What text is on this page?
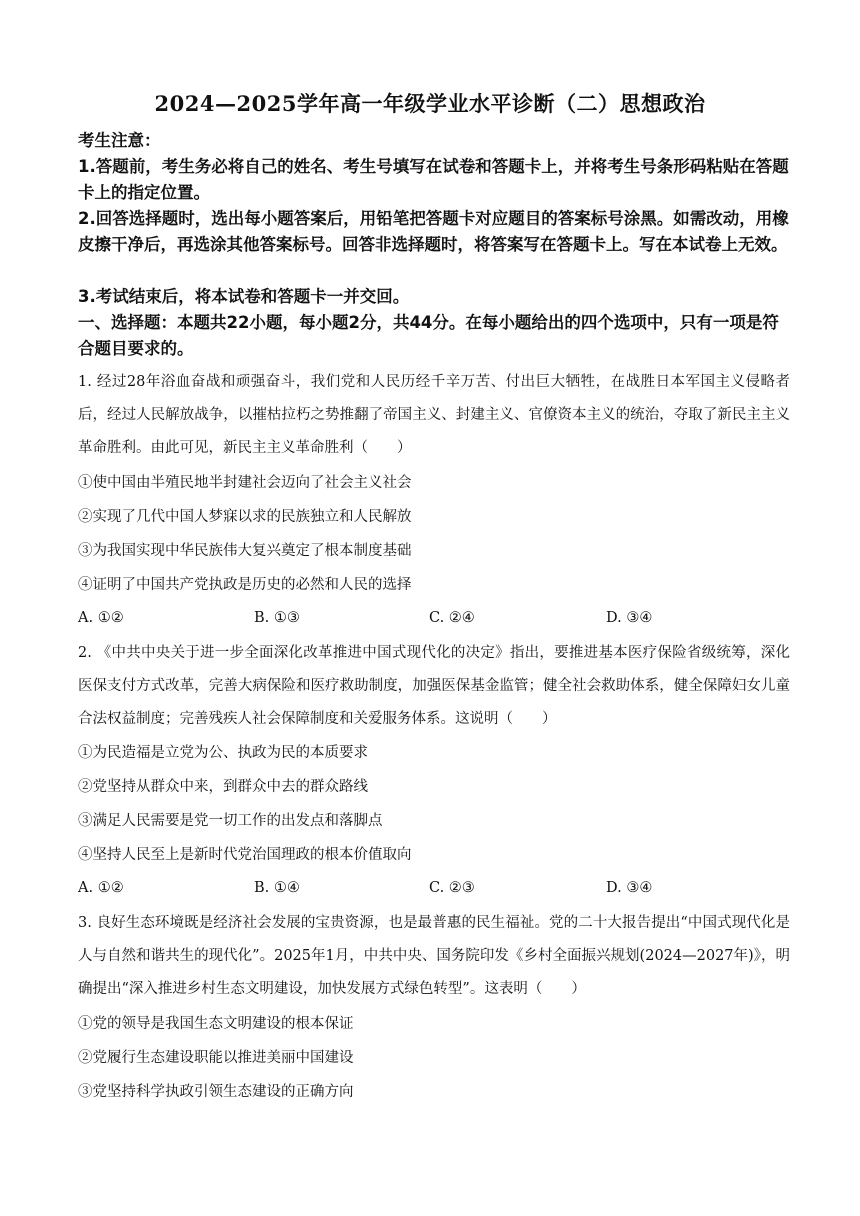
2024—2025学年高一年级学业水平诊断（二）思想政治

考生注意：

1.答题前，考生务必将自己的姓名、考生号填写在试卷和答题卡上，并将考生号条形码粘贴在答题卡上的指定位置。

2.回答选择题时，选出每小题答案后，用铅笔把答题卡对应题目的答案标号涂黑。如需改动，用橡皮擦干净后，再选涂其他答案标号。回答非选择题时，将答案写在答题卡上。写在本试卷上无效。

3.考试结束后，将本试卷和答题卡一并交回。

一、选择题：本题共22小题，每小题2分，共44分。在每小题给出的四个选项中，只有一项是符合题目要求的。

1. 经过28年浴血奋战和顽强奋斗，我们党和人民历经千辛万苦、付出巨大牺牲，在战胜日本军国主义侵略者后，经过人民解放战争，以摧枯拉朽之势推翻了帝国主义、封建主义、官僚资本主义的统治，夺取了新民主主义革命胜利。由此可见，新民主主义革命胜利（　　）

①使中国由半殖民地半封建社会迈向了社会主义社会

②实现了几代中国人梦寐以求的民族独立和人民解放

③为我国实现中华民族伟大复兴奠定了根本制度基础

④证明了中国共产党执政是历史的必然和人民的选择

A. ①②	B. ①③	C. ②④	D. ③④

2. 《中共中央关于进一步全面深化改革推进中国式现代化的决定》指出，要推进基本医疗保险省级统筹，深化医保支付方式改革，完善大病保险和医疗救助制度，加强医保基金监管；健全社会救助体系，健全保障妇女儿童合法权益制度；完善残疾人社会保障制度和关爱服务体系。这说明（　　）

①为民造福是立党为公、执政为民的本质要求

②党坚持从群众中来，到群众中去的群众路线

③满足人民需要是党一切工作的出发点和落脚点

④坚持人民至上是新时代党治国理政的根本价值取向

A. ①②	B. ①④	C. ②③	D. ③④

3. 良好生态环境既是经济社会发展的宝贵资源，也是最普惠的民生福祉。党的二十大报告提出“中国式现代化是人与自然和谐共生的现代化”。2025年1月，中共中央、国务院印发《乡村全面振兴规划(2024—2027年)》，明确提出“深入推进乡村生态文明建设，加快发展方式绿色转型”。这表明（　　）

①党的领导是我国生态文明建设的根本保证

②党履行生态建设职能以推进美丽中国建设

③党坚持科学执政引领生态建设的正确方向
